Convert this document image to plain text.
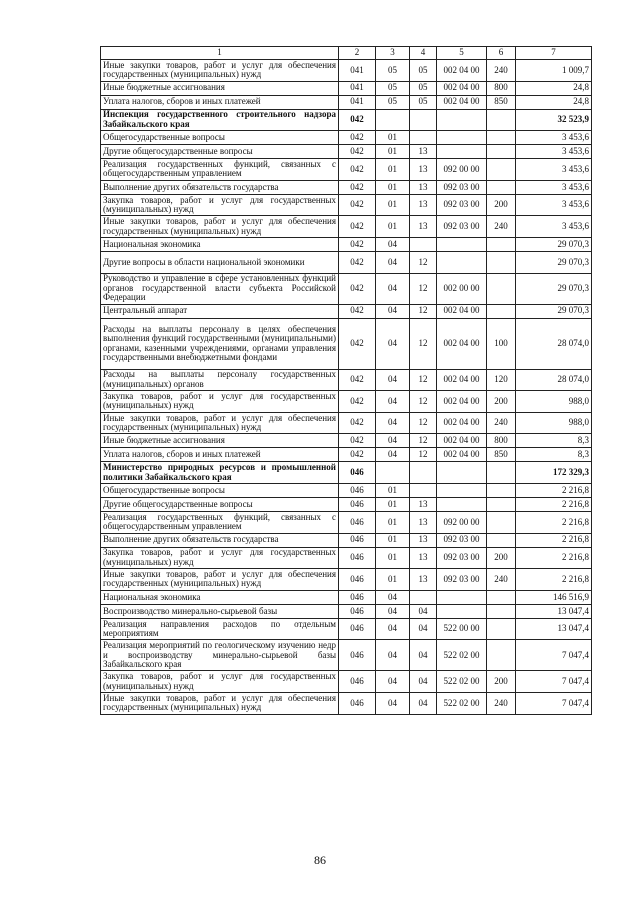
1	2	3	4	5	6	7
Иные закупки товаров, работ и услуг для обеспечения государственных (муниципальных) нужд	041	05	05	002 04 00	240	1 009,7
Иные бюджетные ассигнования	041	05	05	002 04 00	800	24,8
Уплата налогов, сборов и иных платежей	041	05	05	002 04 00	850	24,8
Инспекция государственного строительного надзора Забайкальского края	042					32 523,9
Общегосударственные вопросы	042	01				3 453,6
Другие общегосударственные вопросы	042	01	13			3 453,6
Реализация государственных функций, связанных с общегосударственным управлением	042	01	13	092 00 00		3 453,6
Выполнение других обязательств государства	042	01	13	092 03 00		3 453,6
Закупка товаров, работ и услуг для государственных (муниципальных) нужд	042	01	13	092 03 00	200	3 453,6
Иные закупки товаров, работ и услуг для обеспечения государственных (муниципальных) нужд	042	01	13	092 03 00	240	3 453,6
Национальная экономика	042	04				29 070,3
Другие вопросы в области национальной экономики	042	04	12			29 070,3
Руководство и управление в сфере установленных функций органов государственной власти субъекта Российской Федерации	042	04	12	002 00 00		29 070,3
Центральный аппарат	042	04	12	002 04 00		29 070,3
Расходы на выплаты персоналу в целях обеспечения выполнения функций государственными (муниципальными) органами, казенными учреждениями, органами управления государственными внебюджетными фондами	042	04	12	002 04 00	100	28 074,0
Расходы на выплаты персоналу государственных (муниципальных) органов	042	04	12	002 04 00	120	28 074,0
Закупка товаров, работ и услуг для государственных (муниципальных) нужд	042	04	12	002 04 00	200	988,0
Иные закупки товаров, работ и услуг для обеспечения государственных (муниципальных) нужд	042	04	12	002 04 00	240	988,0
Иные бюджетные ассигнования	042	04	12	002 04 00	800	8,3
Уплата налогов, сборов и иных платежей	042	04	12	002 04 00	850	8,3
Министерство природных ресурсов и промышленной политики Забайкальского края	046					172 329,3
Общегосударственные вопросы	046	01				2 216,8
Другие общегосударственные вопросы	046	01	13			2 216,8
Реализация государственных функций, связанных с общегосударственным управлением	046	01	13	092 00 00		2 216,8
Выполнение других обязательств государства	046	01	13	092 03 00		2 216,8
Закупка товаров, работ и услуг для государственных (муниципальных) нужд	046	01	13	092 03 00	200	2 216,8
Иные закупки товаров, работ и услуг для обеспечения государственных (муниципальных) нужд	046	01	13	092 03 00	240	2 216,8
Национальная экономика	046	04				146 516,9
Воспроизводство минерально-сырьевой базы	046	04	04			13 047,4
Реализация направления расходов по отдельным мероприятиям	046	04	04	522 00 00		13 047,4
Реализация мероприятий по геологическому изучению недр и воспроизводству минерально-сырьевой базы Забайкальского края	046	04	04	522 02 00		7 047,4
Закупка товаров, работ и услуг для государственных (муниципальных) нужд	046	04	04	522 02 00	200	7 047,4
Иные закупки товаров, работ и услуг для обеспечения государственных (муниципальных) нужд	046	04	04	522 02 00	240	7 047,4
86
